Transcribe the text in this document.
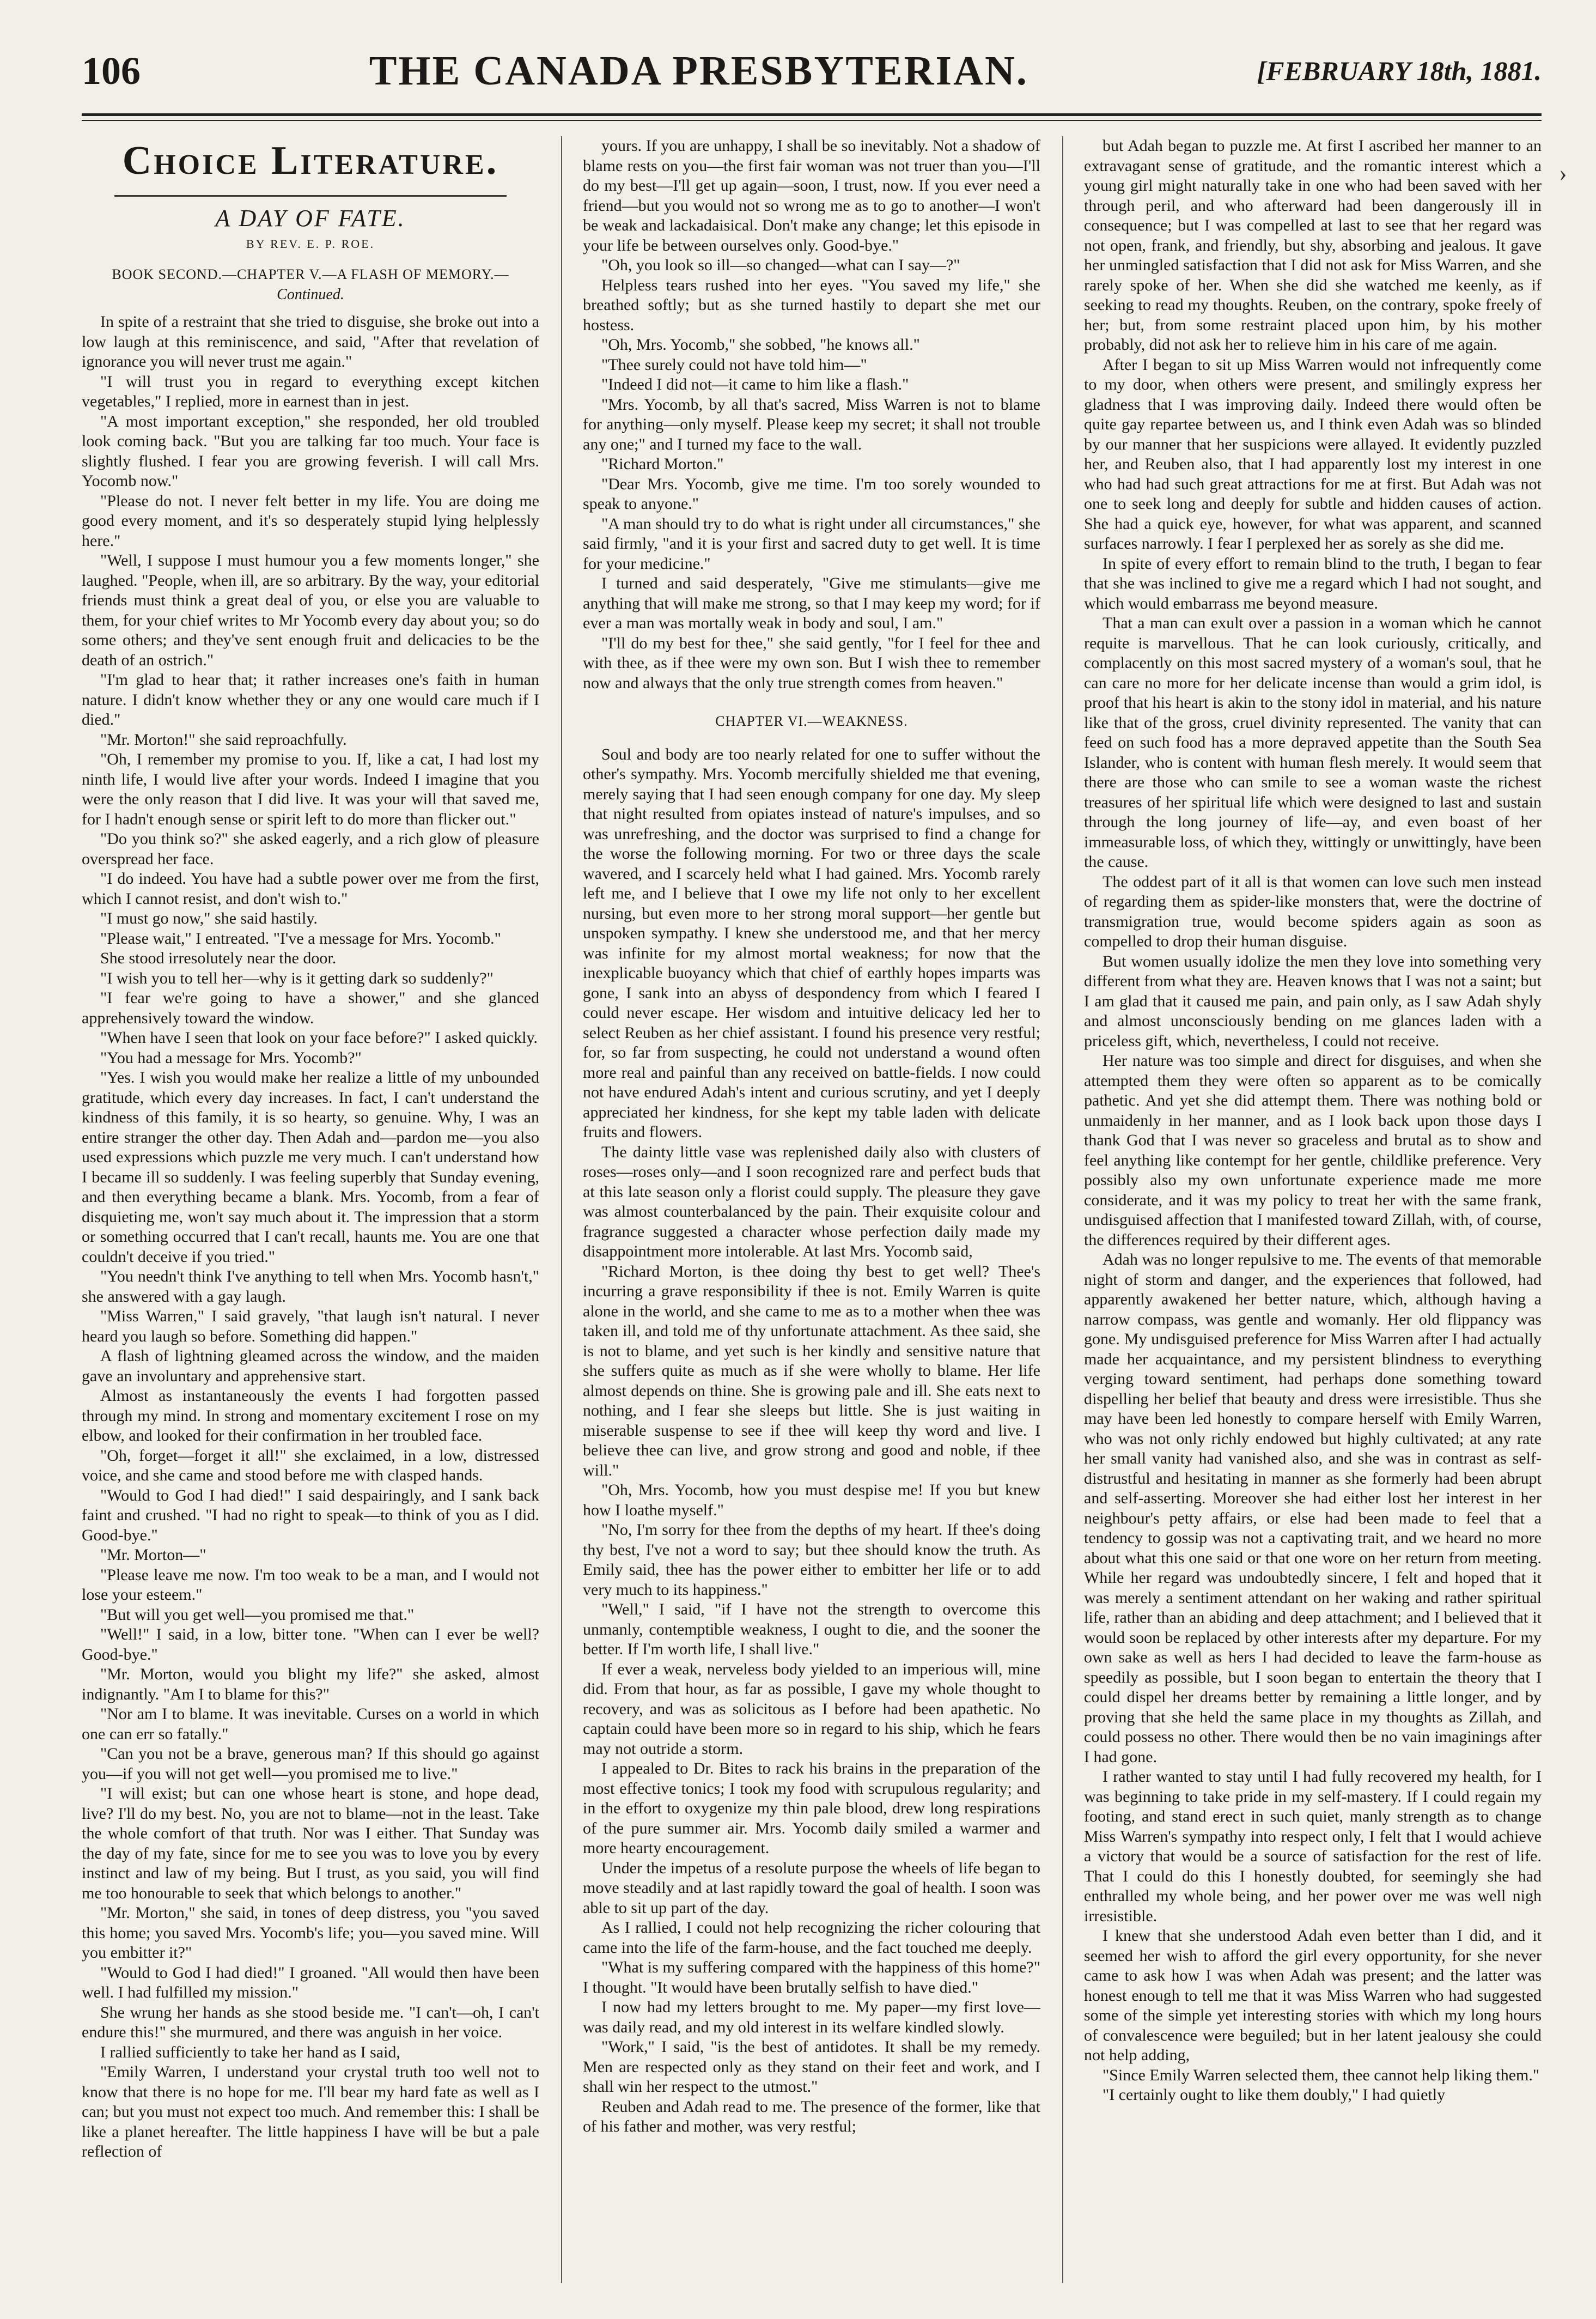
106	THE CANADA PRESBYTERIAN.	[FEBRUARY 18th, 1881.
Choice Literature.
A DAY OF FATE.
BY REV. E. P. ROE.
BOOK SECOND.—CHAPTER V.—A FLASH OF MEMORY.—
Continued.

In spite of a restraint that she tried to disguise, she broke out into a low laugh at this reminiscence, and said, "After that revelation of ignorance you will never trust me again."

"I will trust you in regard to everything except kitchen vegetables," I replied, more in earnest than in jest.

"A most important exception," she responded, her old troubled look coming back. "But you are talking far too much. Your face is slightly flushed. I fear you are growing feverish. I will call Mrs. Yocomb now."

"Please do not. I never felt better in my life. You are doing me good every moment, and it's so desperately stupid lying helplessly here."

"Well, I suppose I must humour you a few moments longer," she laughed. "People, when ill, are so arbitrary. By the way, your editorial friends must think a great deal of you, or else you are valuable to them, for your chief writes to Mr Yocomb every day about you; so do some others; and they've sent enough fruit and delicacies to be the death of an ostrich."

"I'm glad to hear that; it rather increases one's faith in human nature. I didn't know whether they or any one would care much if I died."

"Mr. Morton!" she said reproachfully.

"Oh, I remember my promise to you. If, like a cat, I had lost my ninth life, I would live after your words. Indeed I imagine that you were the only reason that I did live. It was your will that saved me, for I hadn't enough sense or spirit left to do more than flicker out."

"Do you think so?" she asked eagerly, and a rich glow of pleasure overspread her face.

"I do indeed. You have had a subtle power over me from the first, which I cannot resist, and don't wish to."

"I must go now," she said hastily.

"Please wait," I entreated. "I've a message for Mrs. Yocomb."

She stood irresolutely near the door.

"I wish you to tell her—why is it getting dark so suddenly?"

"I fear we're going to have a shower," and she glanced apprehensively toward the window.

"When have I seen that look on your face before?" I asked quickly.

"You had a message for Mrs. Yocomb?"

"Yes. I wish you would make her realize a little of my unbounded gratitude, which every day increases. In fact, I can't understand the kindness of this family, it is so hearty, so genuine. Why, I was an entire stranger the other day. Then Adah and—pardon me—you also used expressions which puzzle me very much. I can't understand how I became ill so suddenly. I was feeling superbly that Sunday evening, and then everything became a blank. Mrs. Yocomb, from a fear of disquieting me, won't say much about it. The impression that a storm or something occurred that I can't recall, haunts me. You are one that couldn't deceive if you tried."

"You needn't think I've anything to tell when Mrs. Yocomb hasn't," she answered with a gay laugh.

"Miss Warren," I said gravely, "that laugh isn't natural. I never heard you laugh so before. Something did happen."

A flash of lightning gleamed across the window, and the maiden gave an involuntary and apprehensive start.

Almost as instantaneously the events I had forgotten passed through my mind. In strong and momentary excitement I rose on my elbow, and looked for their confirmation in her troubled face.

"Oh, forget—forget it all!" she exclaimed, in a low, distressed voice, and she came and stood before me with clasped hands.

"Would to God I had died!" I said despairingly, and I sank back faint and crushed. "I had no right to speak—to think of you as I did. Good-bye."

"Mr. Morton—"

"Please leave me now. I'm too weak to be a man, and I would not lose your esteem."

"But will you get well—you promised me that."

"Well!" I said, in a low, bitter tone. "When can I ever be well? Good-bye."

"Mr. Morton, would you blight my life?" she asked, almost indignantly. "Am I to blame for this?"

"Nor am I to blame. It was inevitable. Curses on a world in which one can err so fatally."

"Can you not be a brave, generous man? If this should go against you—if you will not get well—you promised me to live."

"I will exist; but can one whose heart is stone, and hope dead, live? I'll do my best. No, you are not to blame—not in the least. Take the whole comfort of that truth. Nor was I either. That Sunday was the day of my fate, since for me to see you was to love you by every instinct and law of my being. But I trust, as you said, you will find me too honourable to seek that which belongs to another."

"Mr. Morton," she said, in tones of deep distress, you "you saved this home; you saved Mrs. Yocomb's life; you—you saved mine. Will you embitter it?"

"Would to God I had died!" I groaned. "All would then have been well. I had fulfilled my mission."

She wrung her hands as she stood beside me. "I can't—oh, I can't endure this!" she murmured, and there was anguish in her voice.

I rallied sufficiently to take her hand as I said,

"Emily Warren, I understand your crystal truth too well not to know that there is no hope for me. I'll bear my hard fate as well as I can; but you must not expect too much. And remember this: I shall be like a planet hereafter. The little happiness I have will be but a pale reflection of

yours. If you are unhappy, I shall be so inevitably. Not a shadow of blame rests on you—the first fair woman was not truer than you—I'll do my best—I'll get up again—soon, I trust, now. If you ever need a friend—but you would not so wrong me as to go to another—I won't be weak and lackadaisical. Don't make any change; let this episode in your life be between ourselves only. Good-bye."

"Oh, you look so ill—so changed—what can I say—?"

Helpless tears rushed into her eyes. "You saved my life," she breathed softly; but as she turned hastily to depart she met our hostess.

"Oh, Mrs. Yocomb," she sobbed, "he knows all."

"Thee surely could not have told him—"

"Indeed I did not—it came to him like a flash."

"Mrs. Yocomb, by all that's sacred, Miss Warren is not to blame for anything—only myself. Please keep my secret; it shall not trouble any one;" and I turned my face to the wall.

"Richard Morton."

"Dear Mrs. Yocomb, give me time. I'm too sorely wounded to speak to anyone."

"A man should try to do what is right under all circumstances," she said firmly, "and it is your first and sacred duty to get well. It is time for your medicine."

I turned and said desperately, "Give me stimulants—give me anything that will make me strong, so that I may keep my word; for if ever a man was mortally weak in body and soul, I am."

"I'll do my best for thee," she said gently, "for I feel for thee and with thee, as if thee were my own son. But I wish thee to remember now and always that the only true strength comes from heaven."

CHAPTER VI.—WEAKNESS.

Soul and body are too nearly related for one to suffer without the other's sympathy. Mrs. Yocomb mercifully shielded me that evening, merely saying that I had seen enough company for one day. My sleep that night resulted from opiates instead of nature's impulses, and so was unrefreshing, and the doctor was surprised to find a change for the worse the following morning. For two or three days the scale wavered, and I scarcely held what I had gained. Mrs. Yocomb rarely left me, and I believe that I owe my life not only to her excellent nursing, but even more to her strong moral support—her gentle but unspoken sympathy. I knew she understood me, and that her mercy was infinite for my almost mortal weakness; for now that the inexplicable buoyancy which that chief of earthly hopes imparts was gone, I sank into an abyss of despondency from which I feared I could never escape. Her wisdom and intuitive delicacy led her to select Reuben as her chief assistant. I found his presence very restful; for, so far from suspecting, he could not understand a wound often more real and painful than any received on battle-fields. I now could not have endured Adah's intent and curious scrutiny, and yet I deeply appreciated her kindness, for she kept my table laden with delicate fruits and flowers.

The dainty little vase was replenished daily also with clusters of roses—roses only—and I soon recognized rare and perfect buds that at this late season only a florist could supply. The pleasure they gave was almost counterbalanced by the pain. Their exquisite colour and fragrance suggested a character whose perfection daily made my disappointment more intolerable. At last Mrs. Yocomb said,

"Richard Morton, is thee doing thy best to get well? Thee's incurring a grave responsibility if thee is not. Emily Warren is quite alone in the world, and she came to me as to a mother when thee was taken ill, and told me of thy unfortunate attachment. As thee said, she is not to blame, and yet such is her kindly and sensitive nature that she suffers quite as much as if she were wholly to blame. Her life almost depends on thine. She is growing pale and ill. She eats next to nothing, and I fear she sleeps but little. She is just waiting in miserable suspense to see if thee will keep thy word and live. I believe thee can live, and grow strong and good and noble, if thee will."

"Oh, Mrs. Yocomb, how you must despise me! If you but knew how I loathe myself."

"No, I'm sorry for thee from the depths of my heart. If thee's doing thy best, I've not a word to say; but thee should know the truth. As Emily said, thee has the power either to embitter her life or to add very much to its happiness."

"Well," I said, "if I have not the strength to overcome this unmanly, contemptible weakness, I ought to die, and the sooner the better. If I'm worth life, I shall live."

If ever a weak, nerveless body yielded to an imperious will, mine did. From that hour, as far as possible, I gave my whole thought to recovery, and was as solicitous as I before had been apathetic. No captain could have been more so in regard to his ship, which he fears may not outride a storm.

I appealed to Dr. Bites to rack his brains in the preparation of the most effective tonics; I took my food with scrupulous regularity; and in the effort to oxygenize my thin pale blood, drew long respirations of the pure summer air. Mrs. Yocomb daily smiled a warmer and more hearty encouragement.

Under the impetus of a resolute purpose the wheels of life began to move steadily and at last rapidly toward the goal of health. I soon was able to sit up part of the day.

As I rallied, I could not help recognizing the richer colouring that came into the life of the farm-house, and the fact touched me deeply.

"What is my suffering compared with the happiness of this home?" I thought. "It would have been brutally selfish to have died."

I now had my letters brought to me. My paper—my first love—was daily read, and my old interest in its welfare kindled slowly.

"Work," I said, "is the best of antidotes. It shall be my remedy. Men are respected only as they stand on their feet and work, and I shall win her respect to the utmost."

Reuben and Adah read to me. The presence of the former, like that of his father and mother, was very restful;

but Adah began to puzzle me. At first I ascribed her manner to an extravagant sense of gratitude, and the romantic interest which a young girl might naturally take in one who had been saved with her through peril, and who afterward had been dangerously ill in consequence; but I was compelled at last to see that her regard was not open, frank, and friendly, but shy, absorbing and jealous. It gave her unmingled satisfaction that I did not ask for Miss Warren, and she rarely spoke of her. When she did she watched me keenly, as if seeking to read my thoughts. Reuben, on the contrary, spoke freely of her; but, from some restraint placed upon him, by his mother probably, did not ask her to relieve him in his care of me again.

After I began to sit up Miss Warren would not infrequently come to my door, when others were present, and smilingly express her gladness that I was improving daily. Indeed there would often be quite gay repartee between us, and I think even Adah was so blinded by our manner that her suspicions were allayed. It evidently puzzled her, and Reuben also, that I had apparently lost my interest in one who had had such great attractions for me at first. But Adah was not one to seek long and deeply for subtle and hidden causes of action. She had a quick eye, however, for what was apparent, and scanned surfaces narrowly. I fear I perplexed her as sorely as she did me.

In spite of every effort to remain blind to the truth, I began to fear that she was inclined to give me a regard which I had not sought, and which would embarrass me beyond measure.

That a man can exult over a passion in a woman which he cannot requite is marvellous. That he can look curiously, critically, and complacently on this most sacred mystery of a woman's soul, that he can care no more for her delicate incense than would a grim idol, is proof that his heart is akin to the stony idol in material, and his nature like that of the gross, cruel divinity represented. The vanity that can feed on such food has a more depraved appetite than the South Sea Islander, who is content with human flesh merely. It would seem that there are those who can smile to see a woman waste the richest treasures of her spiritual life which were designed to last and sustain through the long journey of life—ay, and even boast of her immeasurable loss, of which they, wittingly or unwittingly, have been the cause.

The oddest part of it all is that women can love such men instead of regarding them as spider-like monsters that, were the doctrine of transmigration true, would become spiders again as soon as compelled to drop their human disguise.

But women usually idolize the men they love into something very different from what they are. Heaven knows that I was not a saint; but I am glad that it caused me pain, and pain only, as I saw Adah shyly and almost unconsciously bending on me glances laden with a priceless gift, which, nevertheless, I could not receive.

Her nature was too simple and direct for disguises, and when she attempted them they were often so apparent as to be comically pathetic. And yet she did attempt them. There was nothing bold or unmaidenly in her manner, and as I look back upon those days I thank God that I was never so graceless and brutal as to show and feel anything like contempt for her gentle, childlike preference. Very possibly also my own unfortunate experience made me more considerate, and it was my policy to treat her with the same frank, undisguised affection that I manifested toward Zillah, with, of course, the differences required by their different ages.

Adah was no longer repulsive to me. The events of that memorable night of storm and danger, and the experiences that followed, had apparently awakened her better nature, which, although having a narrow compass, was gentle and womanly. Her old flippancy was gone. My undisguised preference for Miss Warren after I had actually made her acquaintance, and my persistent blindness to everything verging toward sentiment, had perhaps done something toward dispelling her belief that beauty and dress were irresistible. Thus she may have been led honestly to compare herself with Emily Warren, who was not only richly endowed but highly cultivated; at any rate her small vanity had vanished also, and she was in contrast as self-distrustful and hesitating in manner as she formerly had been abrupt and self-asserting. Moreover she had either lost her interest in her neighbour's petty affairs, or else had been made to feel that a tendency to gossip was not a captivating trait, and we heard no more about what this one said or that one wore on her return from meeting. While her regard was undoubtedly sincere, I felt and hoped that it was merely a sentiment attendant on her waking and rather spiritual life, rather than an abiding and deep attachment; and I believed that it would soon be replaced by other interests after my departure. For my own sake as well as hers I had decided to leave the farm-house as speedily as possible, but I soon began to entertain the theory that I could dispel her dreams better by remaining a little longer, and by proving that she held the same place in my thoughts as Zillah, and could possess no other. There would then be no vain imaginings after I had gone.

I rather wanted to stay until I had fully recovered my health, for I was beginning to take pride in my self-mastery. If I could regain my footing, and stand erect in such quiet, manly strength as to change Miss Warren's sympathy into respect only, I felt that I would achieve a victory that would be a source of satisfaction for the rest of life. That I could do this I honestly doubted, for seemingly she had enthralled my whole being, and her power over me was well nigh irresistible.

I knew that she understood Adah even better than I did, and it seemed her wish to afford the girl every opportunity, for she never came to ask how I was when Adah was present; and the latter was honest enough to tell me that it was Miss Warren who had suggested some of the simple yet interesting stories with which my long hours of convalescence were beguiled; but in her latent jealousy she could not help adding,

"Since Emily Warren selected them, thee cannot help liking them."

"I certainly ought to like them doubly," I had quietly

›
